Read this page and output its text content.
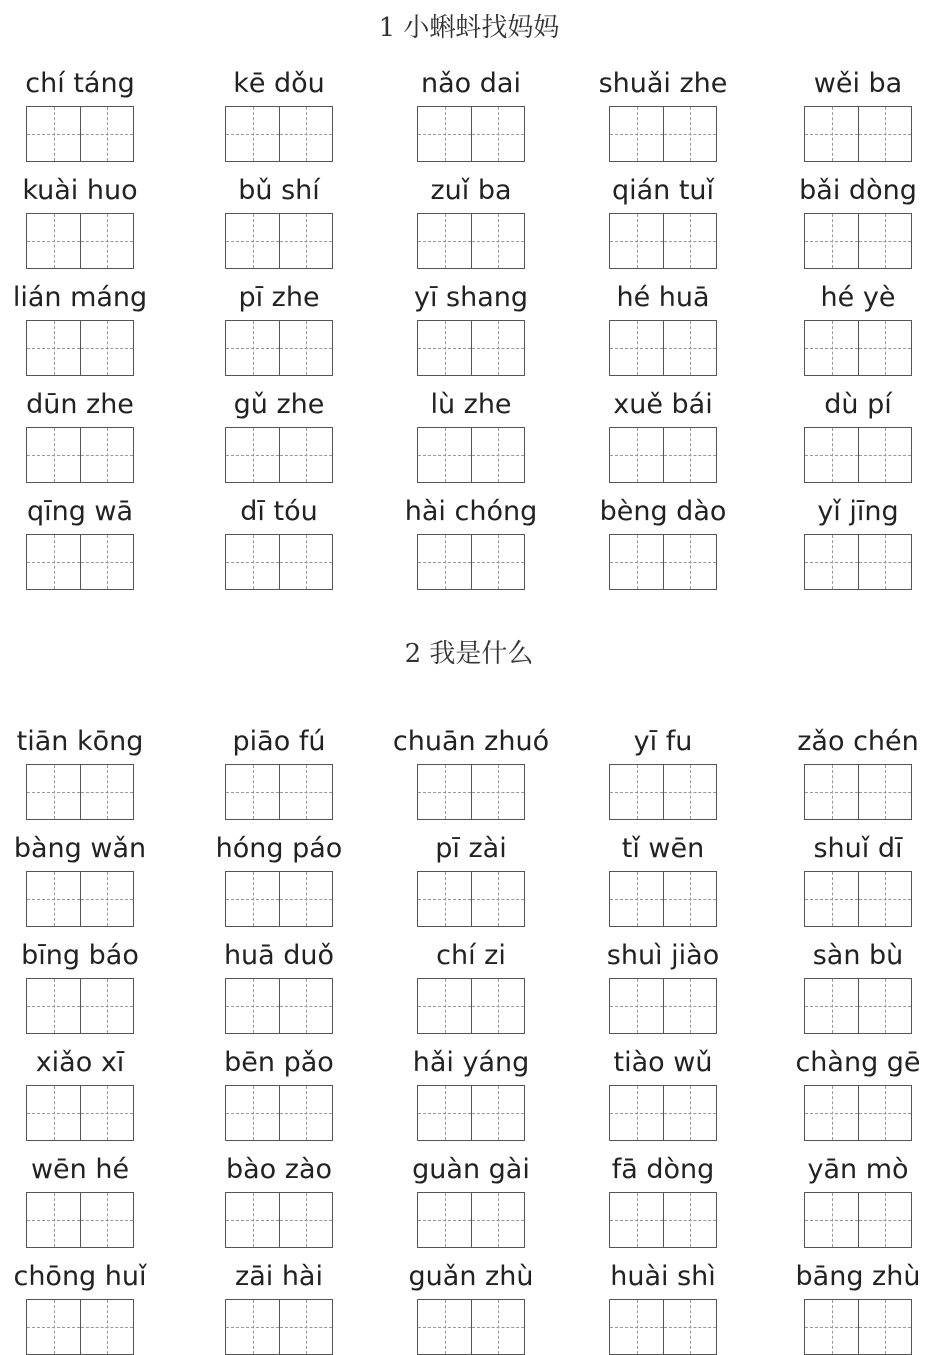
1 小蝌蚪找妈妈
chí táng	kē dǒu	nǎo dai	shuǎi zhe	wěi ba
kuài huo	bǔ shí	zuǐ ba	qián tuǐ	bǎi dòng
lián máng	pī zhe	yī shang	hé huā	hé yè
dūn zhe	gǔ zhe	lù zhe	xuě bái	dù pí
qīng wā	dī tóu	hài chóng	bèng dào	yǐ jīng
2 我是什么
tiān kōng	piāo fú	chuān zhuó	yī fu	zǎo chén
bàng wǎn	hóng páo	pī zài	tǐ wēn	shuǐ dī
bīng báo	huā duǒ	chí zi	shuì jiào	sàn bù
xiǎo xī	bēn pǎo	hǎi yáng	tiào wǔ	chàng gē
wēn hé	bào zào	guàn gài	fā dòng	yān mò
chōng huǐ	zāi hài	guǎn zhù	huài shì	bāng zhù
